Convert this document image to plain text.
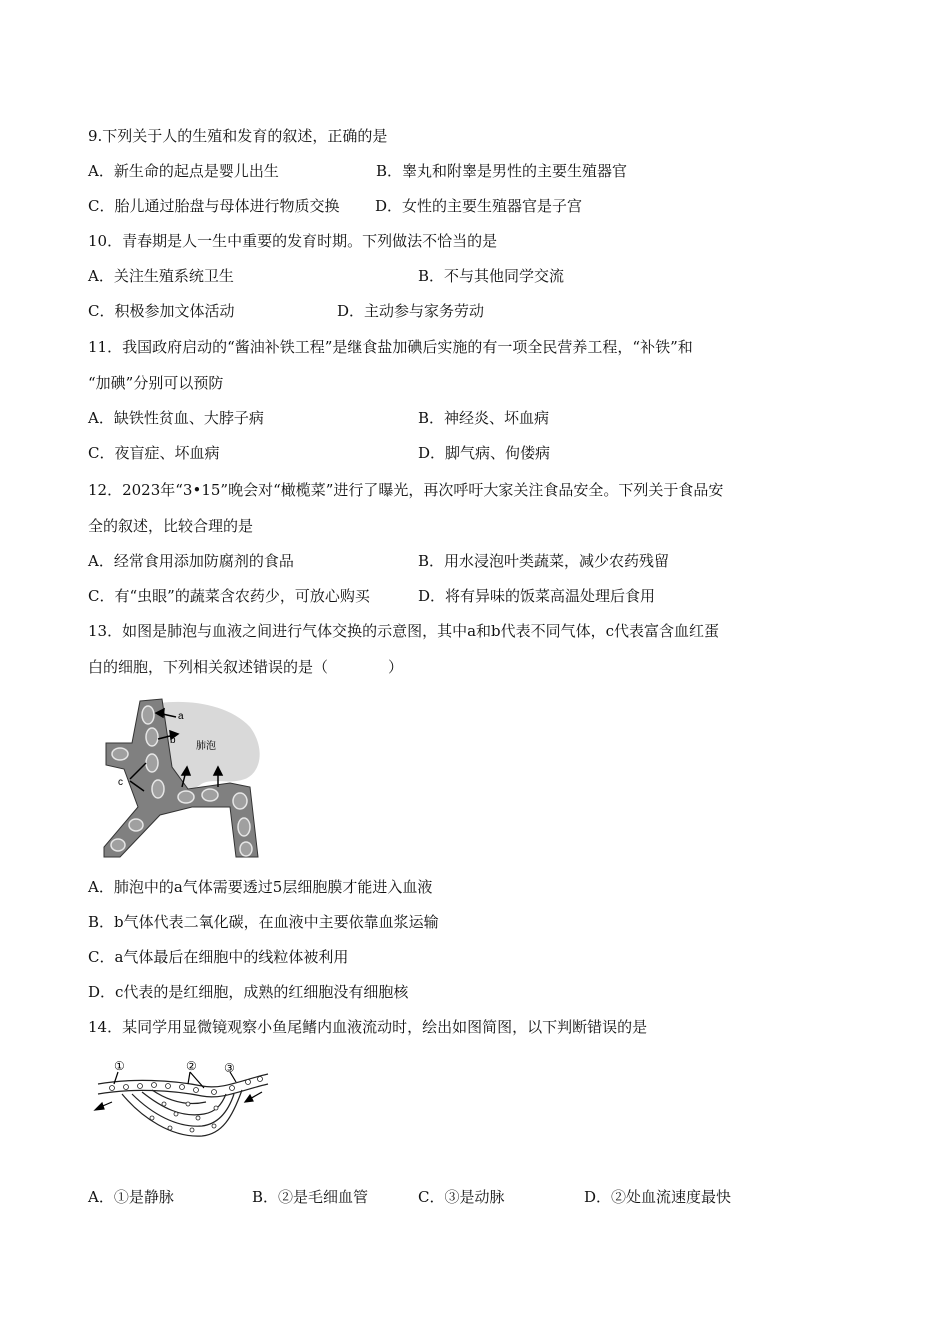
9.下列关于人的生殖和发育的叙述，正确的是
A．新生命的起点是婴儿出生	B．睾丸和附睾是男性的主要生殖器官
C．胎儿通过胎盘与母体进行物质交换 D．女性的主要生殖器官是子宫
10．青春期是人一生中重要的发育时期。下列做法不恰当的是
A．关注生殖系统卫生	B．不与其他同学交流
C．积极参加文体活动	D．主动参与家务劳动
11．我国政府启动的“酱油补铁工程”是继食盐加碘后实施的有一项全民营养工程，“补铁”和
“加碘”分别可以预防
A．缺铁性贫血、大脖子病	B．神经炎、坏血病
C．夜盲症、坏血病	D．脚气病、佝偻病
12．2023年“3•15”晚会对“橄榄菜”进行了曝光，再次呼吁大家关注食品安全。下列关于食品安
全的叙述，比较合理的是
A．经常食用添加防腐剂的食品	B．用水浸泡叶类蔬菜，减少农药残留
C．有“虫眼”的蔬菜含农药少，可放心购买	D．将有异味的饭菜高温处理后食用
13．如图是肺泡与血液之间进行气体交换的示意图，其中a和b代表不同气体，c代表富含血红蛋
白的细胞，下列相关叙述错误的是（　　　　）
a
b
c
肺泡
A．肺泡中的a气体需要透过5层细胞膜才能进入血液
B．b气体代表二氧化碳，在血液中主要依靠血浆运输
C．a气体最后在细胞中的线粒体被利用
D．c代表的是红细胞，成熟的红细胞没有细胞核
14．某同学用显微镜观察小鱼尾鳍内血液流动时，绘出如图简图，以下判断错误的是
①	② ③
A．①是静脉	B．②是毛细血管	C．③是动脉	D．②处血流速度最快
